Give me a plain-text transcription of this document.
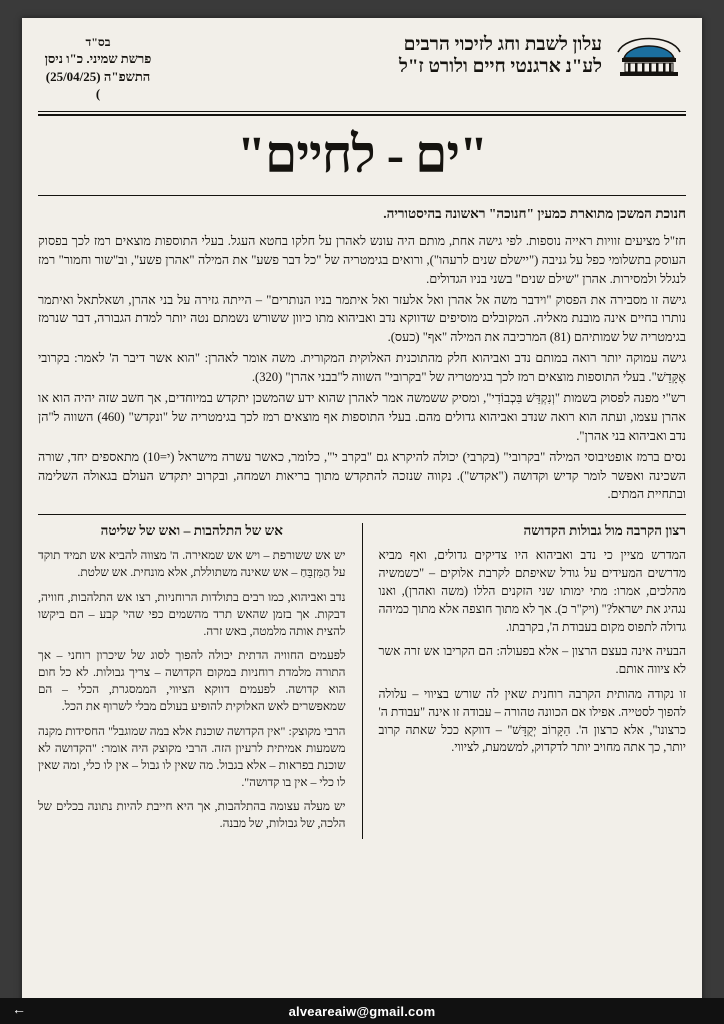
עלון לשבת וחג לזיכוי הרבים
לע"נ ארגנטי חיים ולורט ז"ל
בס"ד
פרשת שמיני. כ"ו ניסן
התשפ"ה (25/04/25)
)
"ים - לחיים"
חנוכת המשכן מתוארת כמעין "חנוכה" ראשונה בהיסטוריה.

חז"ל מציעים זוויות ראייה נוספות. לפי גישה אחת, מותם היה עונש לאהרן על חלקו בחטא העגל. בעלי התוספות מוצאים רמז לכך בפסוק העוסק בתשלומי כפל על גניבה ("יישלם שנים לרעהו"), ורואים בגימטריה של "כל דבר פשע" את המילה "אהרן פשע", וב"שור וחמור" רמז לנגלל ולמסירות. אהרן "שילם שנים" בשני בניו הגדולים.

גישה זו מסבירה את הפסוק "וידבר משה אל אהרן ואל אלעזר ואל איתמר בניו הנותרים" – הייתה גזירה על בני אהרן, ושאלתאל ואיתמר נותרו בחיים אינה מובנת מאליה. המקובלים מוסיפים שדווקא נדב ואביהוא מתו כיוון ששורש נשמתם נטה יותר למדת הגבורה, דבר שנרמז בגימטריה של שמותיהם (81) המרכיבה את המילה "אף" (כעס).

גישה עמוקה יותר רואה במותם נדב ואביהוא חלק מהתוכנית האלוקית המקורית. משה אומר לאהרן: "הוא אשר דיבר ה' לאמר: בקרובי אֶקָּדֵשׁ". בעלי התוספות מוצאים רמז לכך בגימטריה של "בקרובי" השווה ל"בבני אהרן" (320).

רש"י מפנה לפסוק בשמות "וְנִקְדַּשׁ בִּכְבוֹדִי", ומסיק ששמשה אמר לאהרן שהוא ידע שהמשכן יתקדש במיוחדים, אך חשב שזה יהיה הוא או אהרן עצמו, ועתה הוא רואה שנדב ואביהוא גדולים מהם. בעלי התוספות אף מוצאים רמז לכך בגימטריה של "ונקדש" (460) השווה ל"הן נדב ואביהוא בני אהרן".

נסים ברמז אופטיבוסי המילה "בקרובי" (בקרבי) יכולה להיקרא גם "בקרב י'", כלומר, כאשר עשרה מישראל (י=10) מתאספים יחד, שורה השכינה ואפשר לומר קדיש וקדושה ("אקדש"). נקווה שנזכה להתקדש מתוך בריאות ושמחה, ובקרוב יתקדש העולם בגאולה השלימה ובתחיית המתים.

רצון הקרבה מול גבולות הקדושה

המדרש מציין כי נדב ואביהוא היו צדיקים גדולים, ואף מביא מדרשים המעידים על גודל שאיפתם לקרבת אלוקים – "כשמשיה מהלכים, אמרו: מתי ימותו שני הזקנים הללו (משה ואהרן), ואנו נגהיג את ישראל?" (ויק"ר כ). אך לא מתוך חוצפה אלא מתוך כמיהה גדולה לתפוס מקום בעבודת ה', בקרבתו.

הבעיה אינה בעצם הרצון – אלא בפעולה: הם הקריבו אש זרה אשר לא ציווה אותם.

זו נקודה מהותית הקרבה רוחנית שאין לה שורש בציווי – עלולה להפוך לסטייה. אפילו אם הכוונה טהורה – עבודה זו אינה "עבודת ה' כרצונו", אלא כרצון ה'. הַקָּרוֹב יְקֻדָּשׁ" – דווקא ככל שאתה קרוב יותר, כך אתה מחויב יותר לדקדוק, למשמעת, לציווי.

אש של התלהבות – ואש של שליטה

יש אש ששורפת – ויש אש שמאירה. ה' מצווה להביא אש תמיד תוקד על הַמִּזְבֵּחַ – אש שאינה משתוללת, אלא מונחית. אש שלטת.

נדב ואביהוא, כמו רבים בתולדות הרוחניות, רצו אש התלהבות, חוויה, דבקות. אך בזמן שהאש תרד מהשמים כפי שהי' קבע – הם ביקשו להצית אותה מלמטה, באש זרה.

לפעמים החוויה הדתית יכולה להפוך לסוג של שיכרון רוחני – אך התורה מלמדת רוחניות במקום הקדושה – צריך גבולות. לא כל חום הוא קדושה. לפעמים דווקא הציווי, הממסגרת, הכלי – הם שמאפשרים לאש האלוקית להופיע בעולם מבלי לשרוף את הכל.

הרבי מקוצק: "אין הקדושה שוכנת אלא במה שמוגבל" החסידות מקנה משמעות אמיתית לרעיון הזה. הרבי מקוצק היה אומר: "הקדושה לא שוכנת בפראות – אלא בגבול. מה שאין לו גבול – אין לו כלי, ומה שאין לו כלי – אין בו קדושה".

יש מעלה עצומה בהתלהבות, אך היא חייבת להיות נתונה בכלים של הלכה, של גבולות, של מבנה.

←	alveareaiw@gmail.com
